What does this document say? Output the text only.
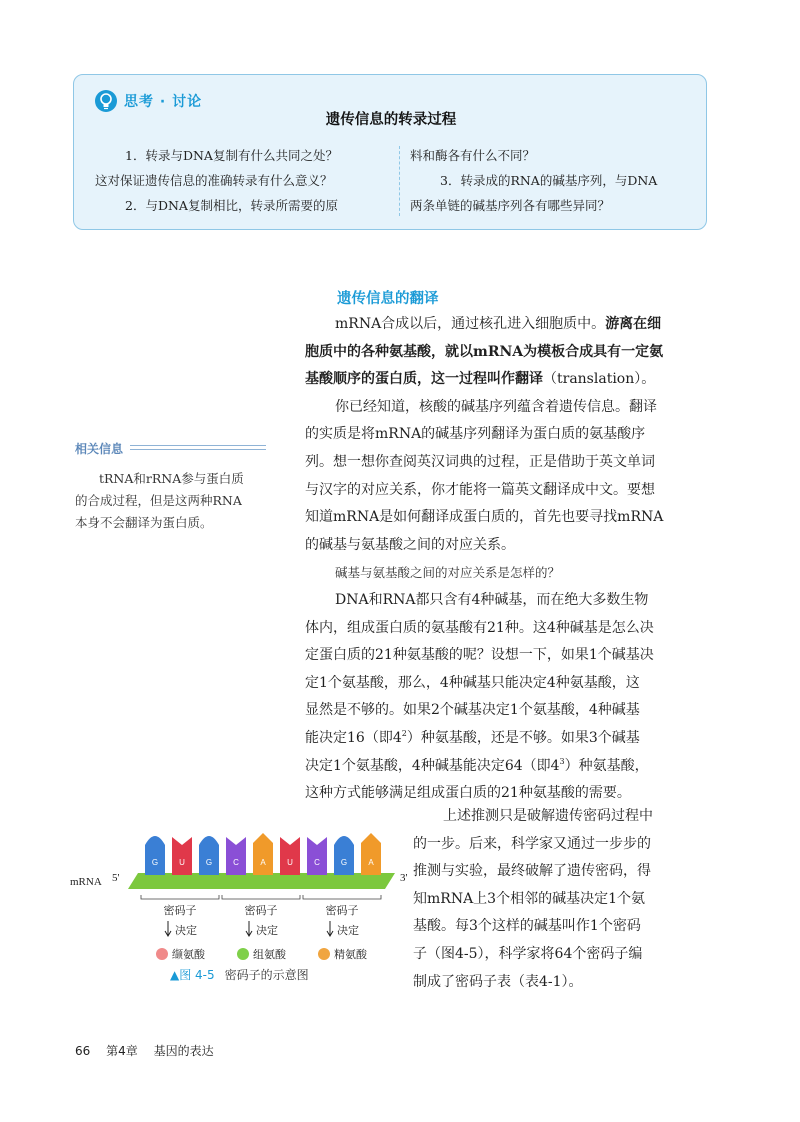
思考 · 讨论
遗传信息的转录过程
1．转录与DNA复制有什么共同之处？
这对保证遗传信息的准确转录有什么意义？
2．与DNA复制相比，转录所需要的原
料和酶各有什么不同？
3．转录成的RNA的碱基序列，与DNA
两条单链的碱基序列各有哪些异同？
相关信息
tRNA和rRNA参与蛋白质
的合成过程，但是这两种RNA
本身不会翻译为蛋白质。
遗传信息的翻译

mRNA合成以后，通过核孔进入细胞质中。游离在细

胞质中的各种氨基酸，就以mRNA为模板合成具有一定氨

基酸顺序的蛋白质，这一过程叫作翻译（translation）。

你已经知道，核酸的碱基序列蕴含着遗传信息。翻译

的实质是将mRNA的碱基序列翻译为蛋白质的氨基酸序

列。想一想你查阅英汉词典的过程，正是借助于英文单词

与汉字的对应关系，你才能将一篇英文翻译成中文。要想

知道mRNA是如何翻译成蛋白质的，首先也要寻找mRNA

的碱基与氨基酸之间的对应关系。

碱基与氨基酸之间的对应关系是怎样的？

DNA和RNA都只含有4种碱基，而在绝大多数生物

体内，组成蛋白质的氨基酸有21种。这4种碱基是怎么决

定蛋白质的21种氨基酸的呢？设想一下，如果1个碱基决

定1个氨基酸，那么，4种碱基只能决定4种氨基酸，这

显然是不够的。如果2个碱基决定1个氨基酸，4种碱基

能决定16（即$4^2$）种氨基酸，还是不够。如果3个碱基

决定1个氨基酸，4种碱基能决定64（即$4^3$）种氨基酸，

这种方式能够满足组成蛋白质的21种氨基酸的需要。

上述推测只是破解遗传密码过程中

的一步。后来，科学家又通过一步步的

推测与实验，最终破解了遗传密码，得

知mRNA上3个相邻的碱基决定1个氨

基酸。每3个这样的碱基叫作1个密码

子（图4-5），科学家将64个密码子编

制成了密码子表（表4-1）。

mRNA 5'	3'
G	U	G	C	A	U	C	G	A
密码子
决定
缬氨酸
密码子
决定
组氨酸
密码子
决定
精氨酸
▲图 4-5 密码子的示意图
66 第4章 基因的表达
